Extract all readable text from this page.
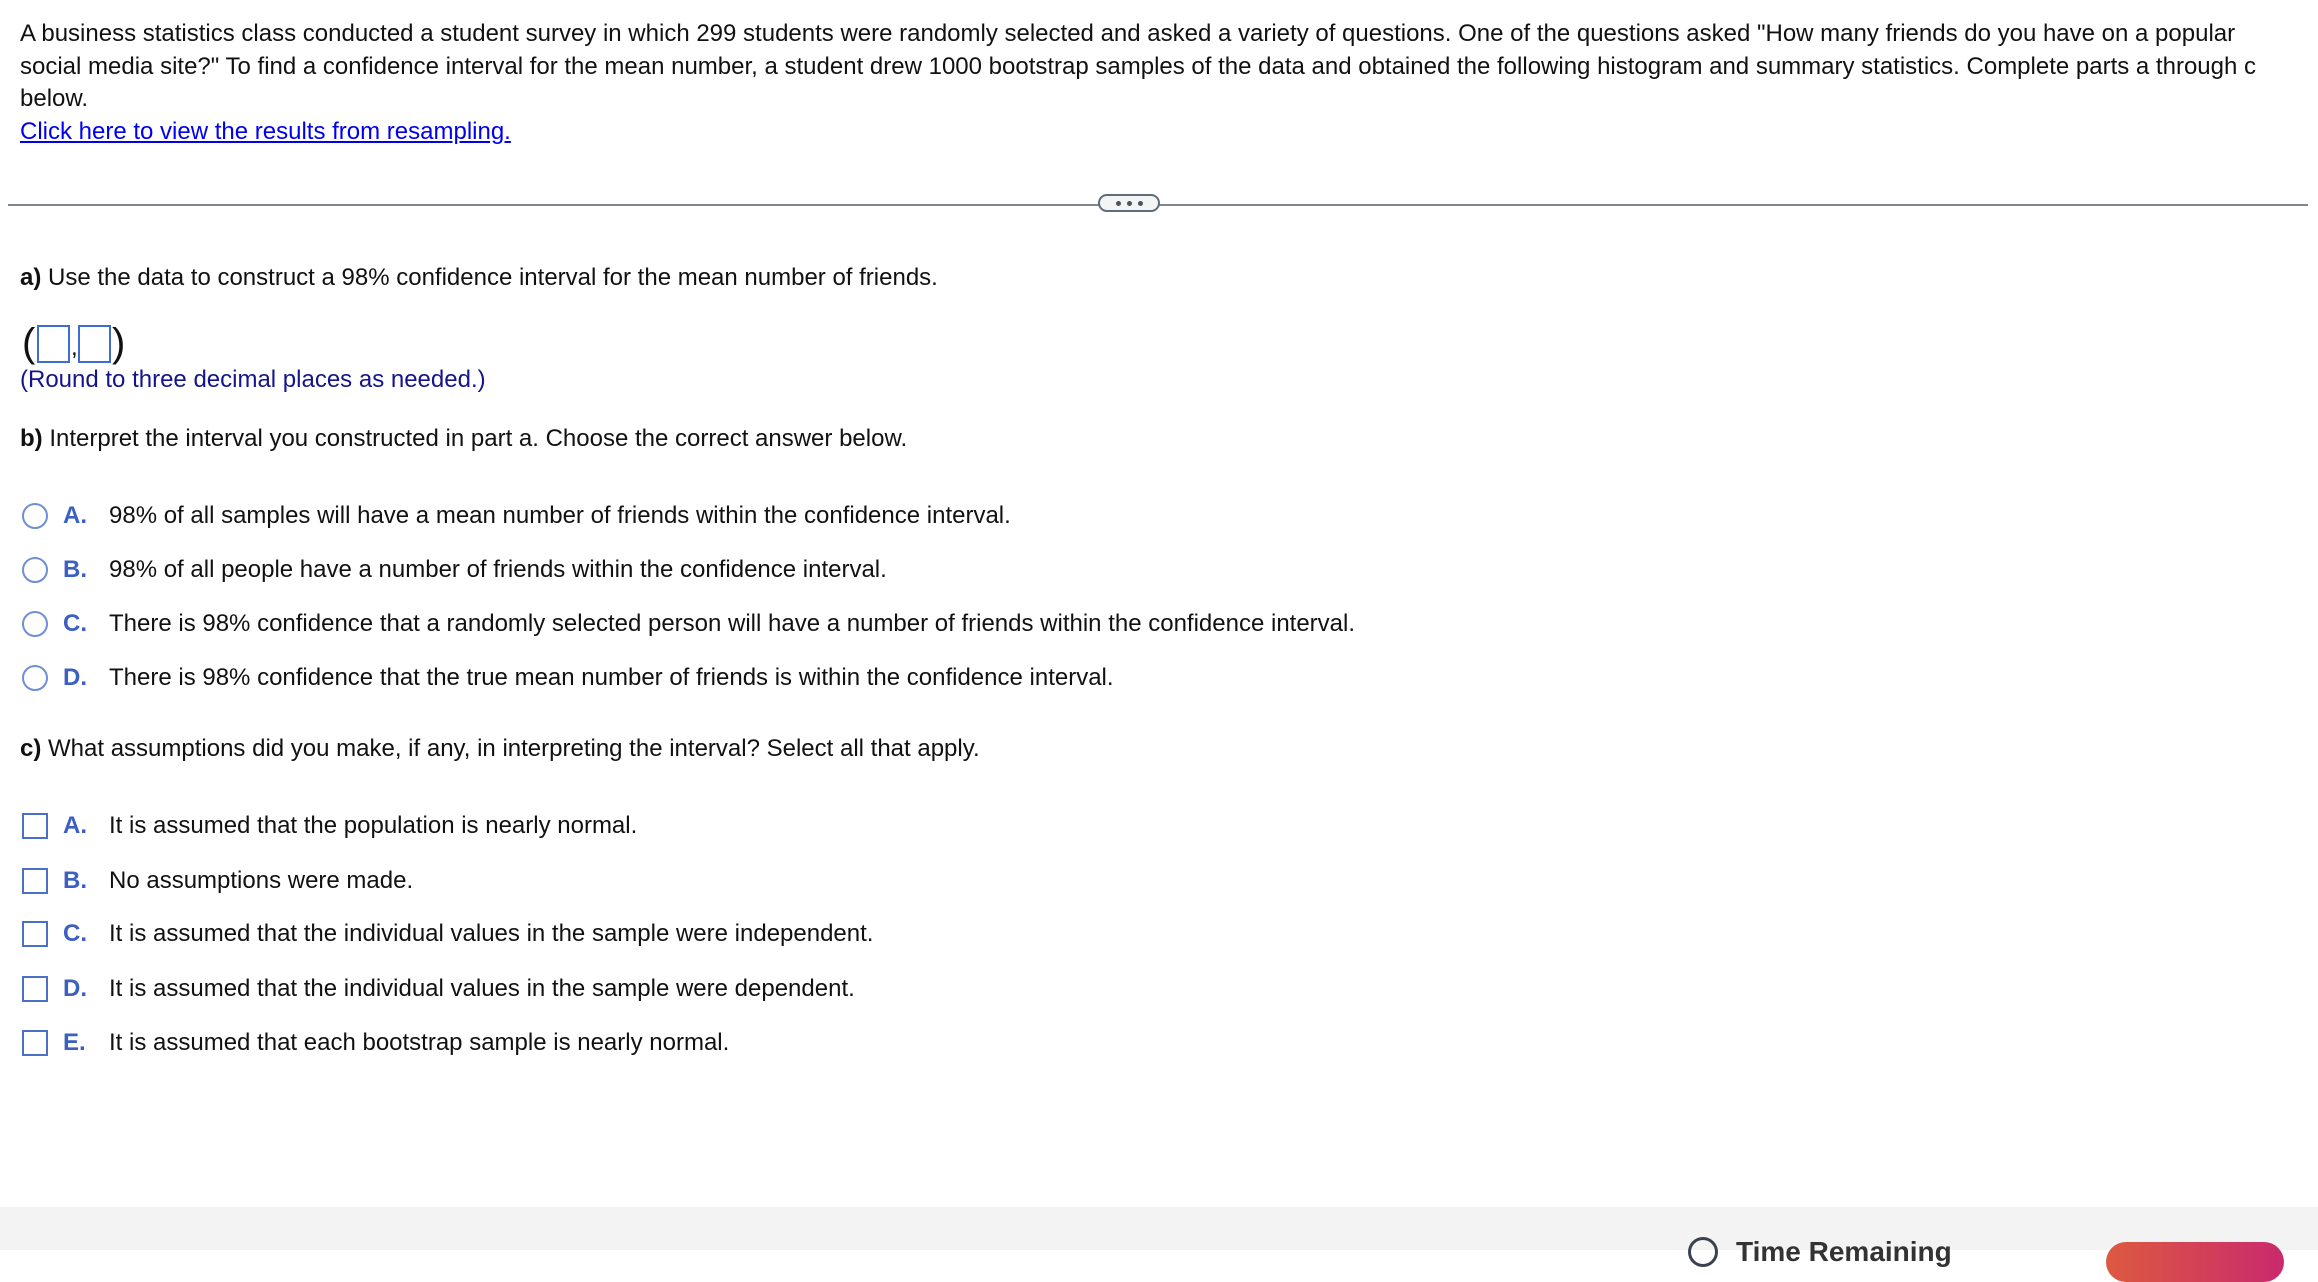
A business statistics class conducted a student survey in which 299 students were randomly selected and asked a variety of questions. One of the questions asked "How many friends do you have on a popular social media site?" To find a confidence interval for the mean number, a student drew 1000 bootstrap samples of the data and obtained the following histogram and summary statistics. Complete parts a through c below.
Click here to view the results from resampling.
a) Use the data to construct a 98% confidence interval for the mean number of friends.
( , )
(Round to three decimal places as needed.)
b) Interpret the interval you constructed in part a. Choose the correct answer below.
A. 98% of all samples will have a mean number of friends within the confidence interval.
B. 98% of all people have a number of friends within the confidence interval.
C. There is 98% confidence that a randomly selected person will have a number of friends within the confidence interval.
D. There is 98% confidence that the true mean number of friends is within the confidence interval.
c) What assumptions did you make, if any, in interpreting the interval? Select all that apply.
A. It is assumed that the population is nearly normal.
B. No assumptions were made.
C. It is assumed that the individual values in the sample were independent.
D. It is assumed that the individual values in the sample were dependent.
E. It is assumed that each bootstrap sample is nearly normal.
Time Remaining
